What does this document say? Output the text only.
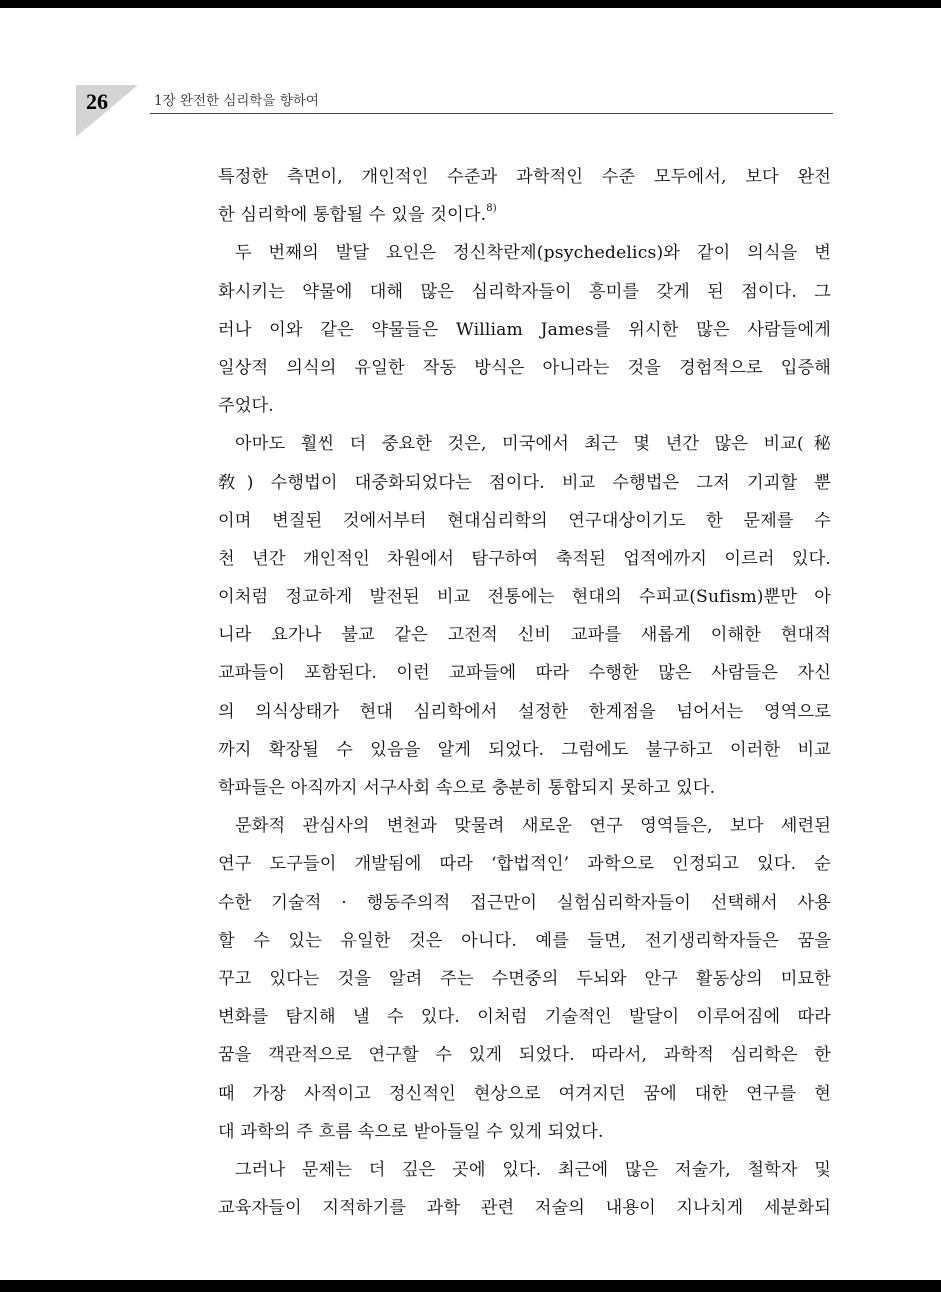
26	1장 완전한 심리학을 향하여
특정한 측면이, 개인적인 수준과 과학적인 수준 모두에서, 보다 완전
한 심리학에 통합될 수 있을 것이다.$^{8)}$
두 번째의 발달 요인은 정신착란제(psychedelics)와 같이 의식을 변
화시키는 약물에 대해 많은 심리학자들이 흥미를 갖게 된 점이다. 그
러나 이와 같은 약물들은 William James를 위시한 많은 사람들에게
일상적 의식의 유일한 작동 방식은 아니라는 것을 경험적으로 입증해
주었다.
아마도 훨씬 더 중요한 것은, 미국에서 최근 몇 년간 많은 비교(秘
敎) 수행법이 대중화되었다는 점이다. 비교 수행법은 그저 기괴할 뿐
이며 변질된 것에서부터 현대심리학의 연구대상이기도 한 문제를 수
천 년간 개인적인 차원에서 탐구하여 축적된 업적에까지 이르러 있다.
이처럼 정교하게 발전된 비교 전통에는 현대의 수피교(Sufism)뿐만 아
니라 요가나 불교 같은 고전적 신비 교파를 새롭게 이해한 현대적
교파들이 포함된다. 이런 교파들에 따라 수행한 많은 사람들은 자신
의 의식상태가 현대 심리학에서 설정한 한계점을 넘어서는 영역으로
까지 확장될 수 있음을 알게 되었다. 그럼에도 불구하고 이러한 비교
학파들은 아직까지 서구사회 속으로 충분히 통합되지 못하고 있다.
문화적 관심사의 변천과 맞물려 새로운 연구 영역들은, 보다 세련된
연구 도구들이 개발됨에 따라 ‘합법적인’ 과학으로 인정되고 있다. 순
수한 기술적 · 행동주의적 접근만이 실험심리학자들이 선택해서 사용
할 수 있는 유일한 것은 아니다. 예를 들면, 전기생리학자들은 꿈을
꾸고 있다는 것을 알려 주는 수면중의 두뇌와 안구 활동상의 미묘한
변화를 탐지해 낼 수 있다. 이처럼 기술적인 발달이 이루어짐에 따라
꿈을 객관적으로 연구할 수 있게 되었다. 따라서, 과학적 심리학은 한
때 가장 사적이고 정신적인 현상으로 여겨지던 꿈에 대한 연구를 현
대 과학의 주 흐름 속으로 받아들일 수 있게 되었다.
그러나 문제는 더 깊은 곳에 있다. 최근에 많은 저술가, 철학자 및
교육자들이 지적하기를 과학 관련 저술의 내용이 지나치게 세분화되
